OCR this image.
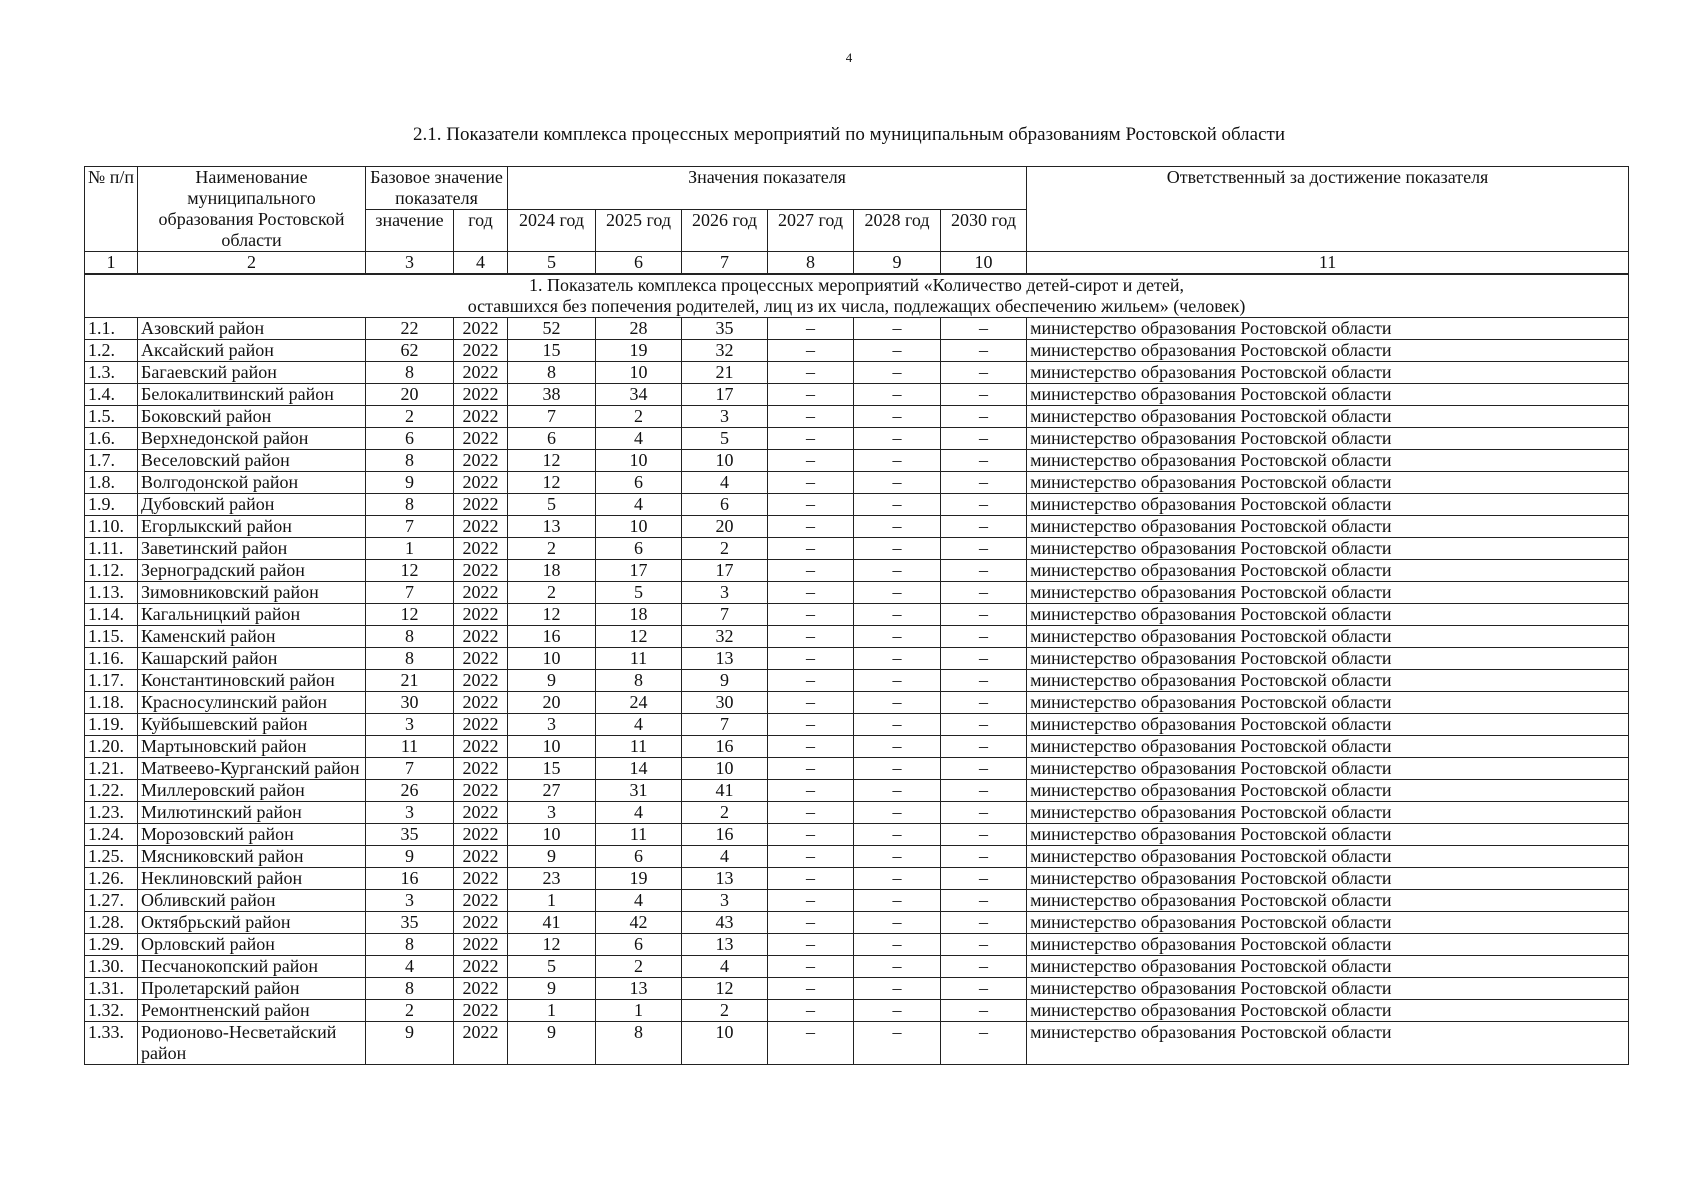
4
2.1. Показатели комплекса процессных мероприятий по муниципальным образованиям Ростовской области
№ п/п	Наименование муниципального образования Ростовской области	Базовое значение показателя		Значения показателя						Ответственный за достижение показателя

		значение	год	2024 год	2025 год	2026 год	2027 год	2028 год	2030 год	
1	2	3	4	5	6	7	8	9	10	11

1. Показатель комплекса процессных мероприятий «Количество детей-сирот и детей,
оставшихся без попечения родителей, лиц из их числа, подлежащих обеспечению жильем» (человек)										

1.1.	Азовский район	22	2022	52	28	35	–	–	–	министерство образования Ростовской области
1.2.	Аксайский район	62	2022	15	19	32	–	–	–	министерство образования Ростовской области
1.3.	Багаевский район	8	2022	8	10	21	–	–	–	министерство образования Ростовской области
1.4.	Белокалитвинский район	20	2022	38	34	17	–	–	–	министерство образования Ростовской области
1.5.	Боковский район	2	2022	7	2	3	–	–	–	министерство образования Ростовской области
1.6.	Верхнедонской район	6	2022	6	4	5	–	–	–	министерство образования Ростовской области
1.7.	Веселовский район	8	2022	12	10	10	–	–	–	министерство образования Ростовской области
1.8.	Волгодонской район	9	2022	12	6	4	–	–	–	министерство образования Ростовской области
1.9.	Дубовский район	8	2022	5	4	6	–	–	–	министерство образования Ростовской области
1.10.	Егорлыкский район	7	2022	13	10	20	–	–	–	министерство образования Ростовской области
1.11.	Заветинский район	1	2022	2	6	2	–	–	–	министерство образования Ростовской области
1.12.	Зерноградский район	12	2022	18	17	17	–	–	–	министерство образования Ростовской области
1.13.	Зимовниковский район	7	2022	2	5	3	–	–	–	министерство образования Ростовской области
1.14.	Кагальницкий район	12	2022	12	18	7	–	–	–	министерство образования Ростовской области
1.15.	Каменский район	8	2022	16	12	32	–	–	–	министерство образования Ростовской области
1.16.	Кашарский район	8	2022	10	11	13	–	–	–	министерство образования Ростовской области
1.17.	Константиновский район	21	2022	9	8	9	–	–	–	министерство образования Ростовской области
1.18.	Красносулинский район	30	2022	20	24	30	–	–	–	министерство образования Ростовской области
1.19.	Куйбышевский район	3	2022	3	4	7	–	–	–	министерство образования Ростовской области
1.20.	Мартыновский район	11	2022	10	11	16	–	–	–	министерство образования Ростовской области
1.21.	Матвеево-Курганский район	7	2022	15	14	10	–	–	–	министерство образования Ростовской области
1.22.	Миллеровский район	26	2022	27	31	41	–	–	–	министерство образования Ростовской области
1.23.	Милютинский район	3	2022	3	4	2	–	–	–	министерство образования Ростовской области
1.24.	Морозовский район	35	2022	10	11	16	–	–	–	министерство образования Ростовской области
1.25.	Мясниковский район	9	2022	9	6	4	–	–	–	министерство образования Ростовской области
1.26.	Неклиновский район	16	2022	23	19	13	–	–	–	министерство образования Ростовской области
1.27.	Обливский район	3	2022	1	4	3	–	–	–	министерство образования Ростовской области
1.28.	Октябрьский район	35	2022	41	42	43	–	–	–	министерство образования Ростовской области
1.29.	Орловский район	8	2022	12	6	13	–	–	–	министерство образования Ростовской области
1.30.	Песчанокопский район	4	2022	5	2	4	–	–	–	министерство образования Ростовской области
1.31.	Пролетарский район	8	2022	9	13	12	–	–	–	министерство образования Ростовской области
1.32.	Ремонтненский район	2	2022	1	1	2	–	–	–	министерство образования Ростовской области
1.33.	Родионово-Несветайский район	9	2022	9	8	10	–	–	–	министерство образования Ростовской области
